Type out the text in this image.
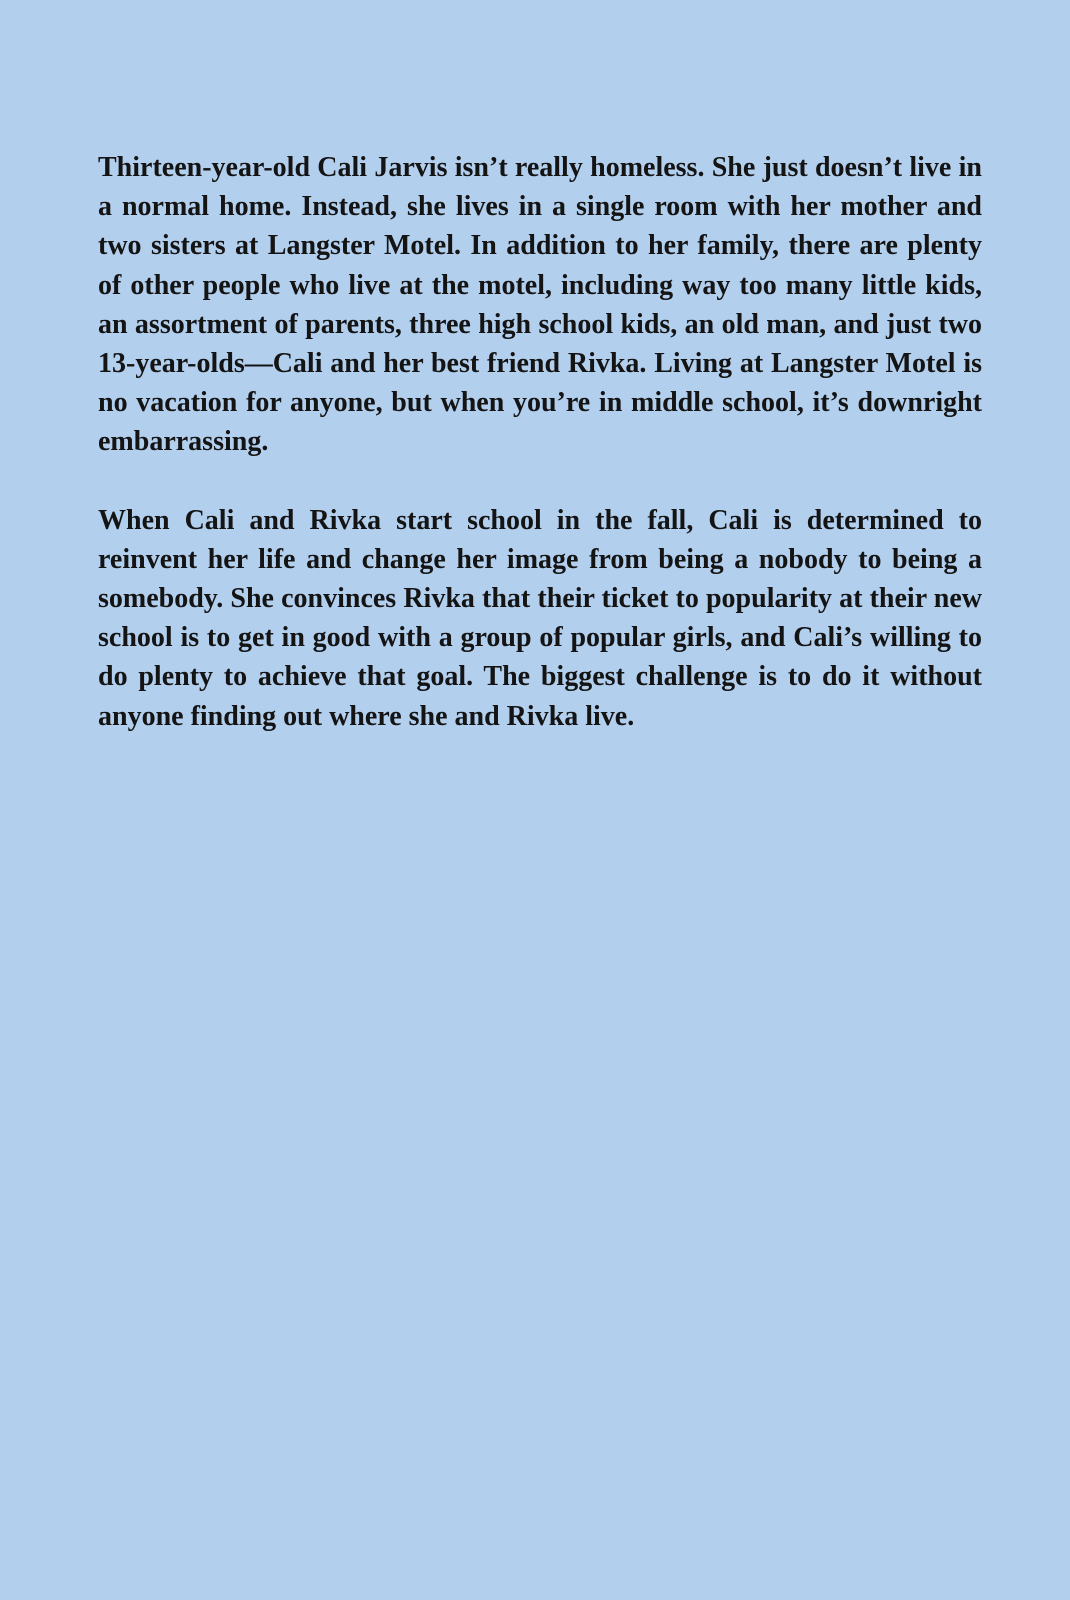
Thirteen-year-old Cali Jarvis isn’t really homeless. She just doesn’t live in a normal home. Instead, she lives in a single room with her mother and two sisters at Langster Motel. In addition to her family, there are plenty of other people who live at the motel, including way too many little kids, an assortment of parents, three high school kids, an old man, and just two 13-year-olds—Cali and her best friend Rivka. Living at Langster Motel is no vacation for anyone, but when you’re in middle school, it’s downright embarrassing.

When Cali and Rivka start school in the fall, Cali is determined to reinvent her life and change her image from being a nobody to being a somebody. She convinces Rivka that their ticket to popularity at their new school is to get in good with a group of popular girls, and Cali’s willing to do plenty to achieve that goal. The biggest challenge is to do it without anyone finding out where she and Rivka live.
